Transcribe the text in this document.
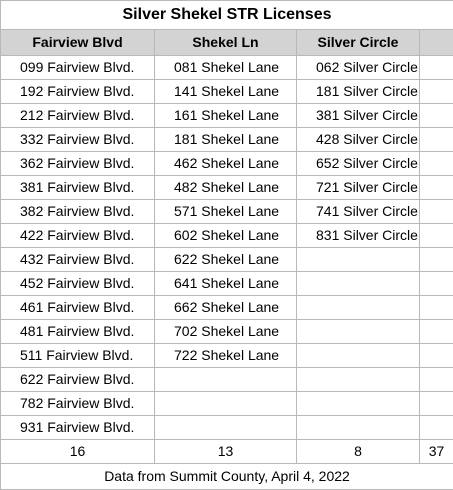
Silver Shekel STR Licenses			
Fairview Blvd	Shekel Ln	Silver Circle	
099 Fairview Blvd.	081 Shekel Lane	062 Silver Circle	
192 Fairview Blvd.	141 Shekel Lane	181 Silver Circle	
212 Fairview Blvd.	161 Shekel Lane	381 Silver Circle	
332 Fairview Blvd.	181 Shekel Lane	428 Silver Circle	
362 Fairview Blvd.	462 Shekel Lane	652 Silver Circle	
381 Fairview Blvd.	482 Shekel Lane	721 Silver Circle	
382 Fairview Blvd.	571 Shekel Lane	741 Silver Circle	
422 Fairview Blvd.	602 Shekel Lane	831 Silver Circle	
432 Fairview Blvd.	622 Shekel Lane		
452 Fairview Blvd.	641 Shekel Lane		
461 Fairview Blvd.	662 Shekel Lane		
481 Fairview Blvd.	702 Shekel Lane		
511 Fairview Blvd.	722 Shekel Lane		
622 Fairview Blvd.			
782 Fairview Blvd.			
931 Fairview Blvd.			
16	13	8	37
Data from Summit County, April 4, 2022			
